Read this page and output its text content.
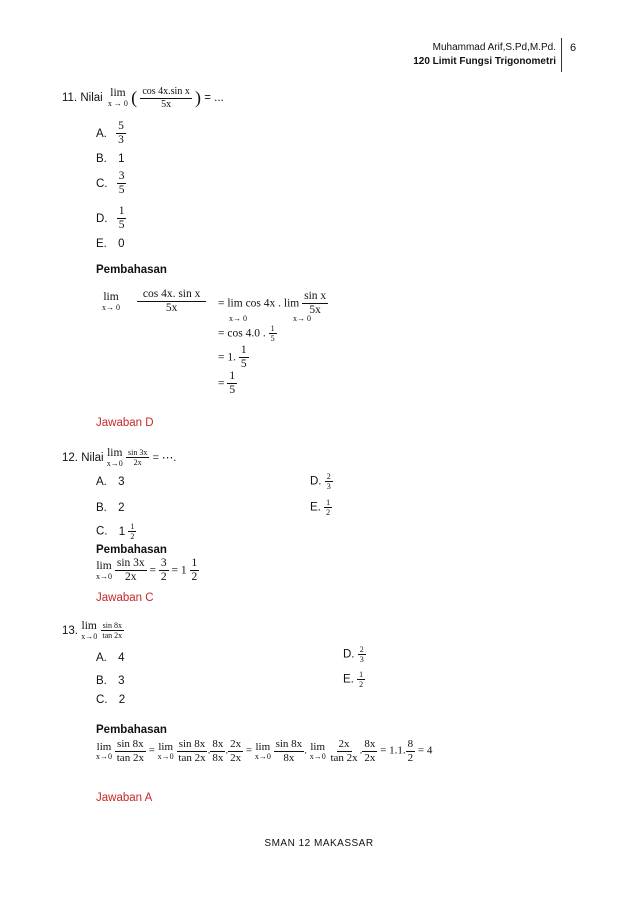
Muhammad Arif,S.Pd,M.Pd.
120 Limit Fungsi Trigonometri
6
11. Nilai lim
x → 0 ( $\frac{\text{cos 4x.sin x}}{5x}$ ) = ...
A. $\frac{5}{3}$
B. 1
C. $\frac{3}{5}$
D. $\frac{1}{5}$
E. 0
Pembahasan
lim
x→ 0
$\frac{\text{cos 4x. sin x}}{5x} = \lim \cos 4x$ . $\lim \frac{\text{sin x}}{5x}$
x→ 0	x→ 0
= cos 4.0 . $\frac{1}{5}$
= 1. $\frac{1}{5}$
= $\frac{1}{5}$
Jawaban D
12. Nilai lim
x→0
$\frac{\sin 3x}{2x}$ = ⋯.
A. 3	D. $\frac{2}{3}$
B. 2	E. $\frac{1}{2}$
C. $1 \frac{1}{2}$
Pembahasan
lim
x→0
$\frac{\sin 3x}{2x} = \frac{3}{2} = 1 \frac{1}{2}$
Jawaban C
13. lim
x→0
$\frac{\sin 8x}{\tan 2x}$
A. 4	D. $\frac{2}{3}$
B. 3	E. $\frac{1}{2}$
C. 2
Pembahasan
lim
x→0
$\frac{\sin 8x}{\tan 2x} = \lim$
x→0
$\frac{\sin 8x}{\tan 2x}$ . $\frac{8x}{8x}$ . $\frac{2x}{2x} = \lim$
x→0
$\frac{\sin 8x}{8x}$ . lim
x→0
$\frac{2x}{\tan 2x}$ . $\frac{8x}{2x} = 1.1$. $\frac{8}{2} = 4$
Jawaban A
SMAN 12 MAKASSAR
